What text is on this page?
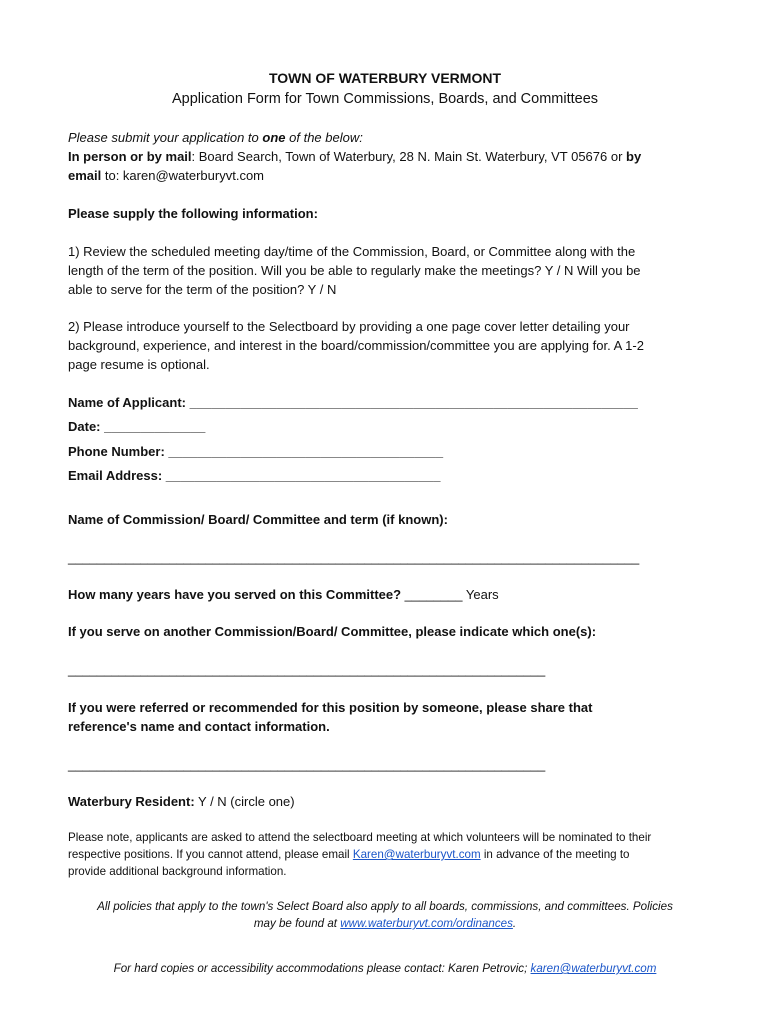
TOWN OF WATERBURY VERMONT
Application Form for Town Commissions, Boards, and Committees
Please submit your application to one of the below:
In person or by mail: Board Search, Town of Waterbury, 28 N. Main St. Waterbury, VT 05676 or by
email to: karen@waterburyvt.com
Please supply the following information:
1) Review the scheduled meeting day/time of the Commission, Board, or Committee along with the
length of the term of the position. Will you be able to regularly make the meetings? Y / N Will you be
able to serve for the term of the position? Y / N
2) Please introduce yourself to the Selectboard by providing a one page cover letter detailing your
background, experience, and interest in the board/commission/committee you are applying for. A 1-2
page resume is optional.
Name of Applicant: ______________________________________________________________
Date: ______________
Phone Number: ______________________________________
Email Address: ______________________________________
Name of Commission/ Board/ Committee and term (if known):
_______________________________________________________________________________
How many years have you served on this Committee? ________ Years
If you serve on another Commission/Board/ Committee, please indicate which one(s):
__________________________________________________________________
If you were referred or recommended for this position by someone, please share that
reference's name and contact information.
__________________________________________________________________
Waterbury Resident: Y / N (circle one)
Please note, applicants are asked to attend the selectboard meeting at which volunteers will be nominated to their
respective positions. If you cannot attend, please email Karen@waterburyvt.com in advance of the meeting to
provide additional background information.
All policies that apply to the town's Select Board also apply to all boards, commissions, and committees. Policies
may be found at www.waterburyvt.com/ordinances.
For hard copies or accessibility accommodations please contact: Karen Petrovic; karen@waterburyvt.com
